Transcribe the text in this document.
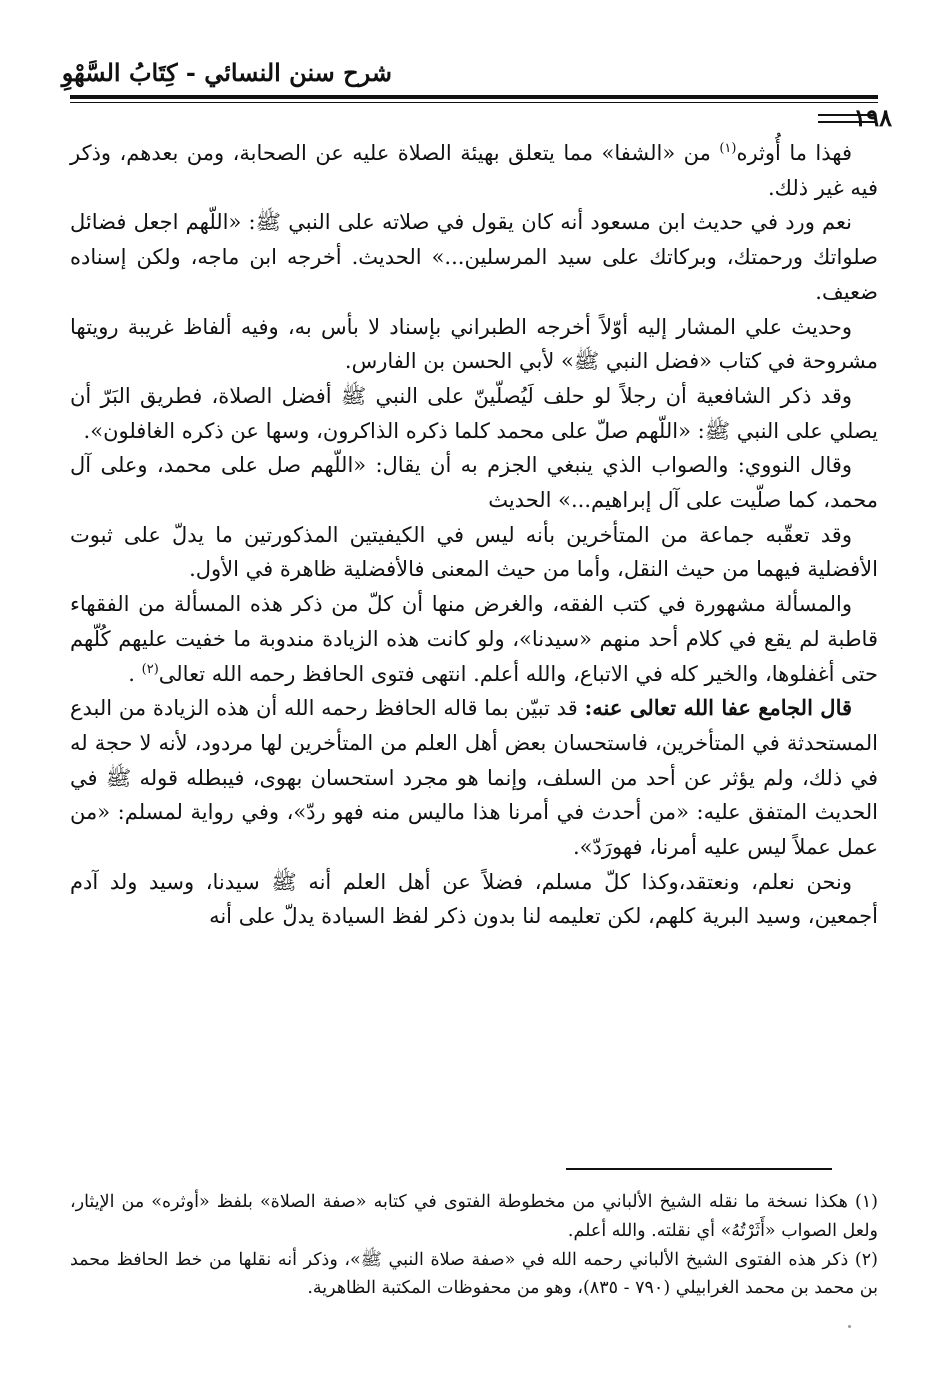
شرح سنن النسائي - كِتَابُ السَّهْوِ
١٩٨

فهذا ما أُوثره$^{(١)}$ من «الشفا» مما يتعلق بهيئة الصلاة عليه عن الصحابة، ومن بعدهم، وذكر فيه غير ذلك.

نعم ورد في حديث ابن مسعود أنه كان يقول في صلاته على النبي ﷺ: «اللّهم اجعل فضائل صلواتك ورحمتك، وبركاتك على سيد المرسلين...» الحديث. أخرجه ابن ماجه، ولكن إسناده ضعيف.

وحديث علي المشار إليه أوّلاً أخرجه الطبراني بإسناد لا بأس به، وفيه ألفاظ غريبة رويتها مشروحة في كتاب «فضل النبي ﷺ» لأبي الحسن بن الفارس.

وقد ذكر الشافعية أن رجلاً لو حلف لَيُصلّينّ على النبي ﷺ أفضل الصلاة، فطريق البَرّ أن يصلي على النبي ﷺ: «اللّهم صلّ على محمد كلما ذكره الذاكرون، وسها عن ذكره الغافلون».

وقال النووي: والصواب الذي ينبغي الجزم به أن يقال: «اللّهم صل على محمد، وعلى آل محمد، كما صلّيت على آل إبراهيم...» الحديث

وقد تعقّبه جماعة من المتأخرين بأنه ليس في الكيفيتين المذكورتين ما يدلّ على ثبوت الأفضلية فيهما من حيث النقل، وأما من حيث المعنى فالأفضلية ظاهرة في الأول.

والمسألة مشهورة في كتب الفقه، والغرض منها أن كلّ من ذكر هذه المسألة من الفقهاء قاطبة لم يقع في كلام أحد منهم «سيدنا»، ولو كانت هذه الزيادة مندوبة ما خفيت عليهم كُلّهم حتى أغفلوها، والخير كله في الاتباع، والله أعلم. انتهى فتوى الحافظ رحمه الله تعالى$^{(٢)}$ .

قال الجامع عفا الله تعالى عنه: قد تبيّن بما قاله الحافظ رحمه الله أن هذه الزيادة من البدع المستحدثة في المتأخرين، فاستحسان بعض أهل العلم من المتأخرين لها مردود، لأنه لا حجة له في ذلك، ولم يؤثر عن أحد من السلف، وإنما هو مجرد استحسان بهوى، فيبطله قوله ﷺ في الحديث المتفق عليه: «من أحدث في أمرنا هذا ماليس منه فهو ردّ»، وفي رواية لمسلم: «من عمل عملاً ليس عليه أمرنا، فهورَدّ».

ونحن نعلم، ونعتقد،وكذا كلّ مسلم، فضلاً عن أهل العلم أنه ﷺ سيدنا، وسيد ولد آدم أجمعين، وسيد البرية كلهم، لكن تعليمه لنا بدون ذكر لفظ السيادة يدلّ على أنه

(١) هكذا نسخة ما نقله الشيخ الألباني من مخطوطة الفتوى في كتابه «صفة الصلاة» بلفظ «أوثره» من الإيثار، ولعل الصواب «أَثَرْتُهُ» أي نقلته. والله أعلم.

(٢) ذكر هذه الفتوى الشيخ الألباني رحمه الله في «صفة صلاة النبي ﷺ»، وذكر أنه نقلها من خط الحافظ محمد بن محمد بن محمد الغرابيلي (٧٩٠ - ٨٣٥)، وهو من محفوظات المكتبة الظاهرية.
